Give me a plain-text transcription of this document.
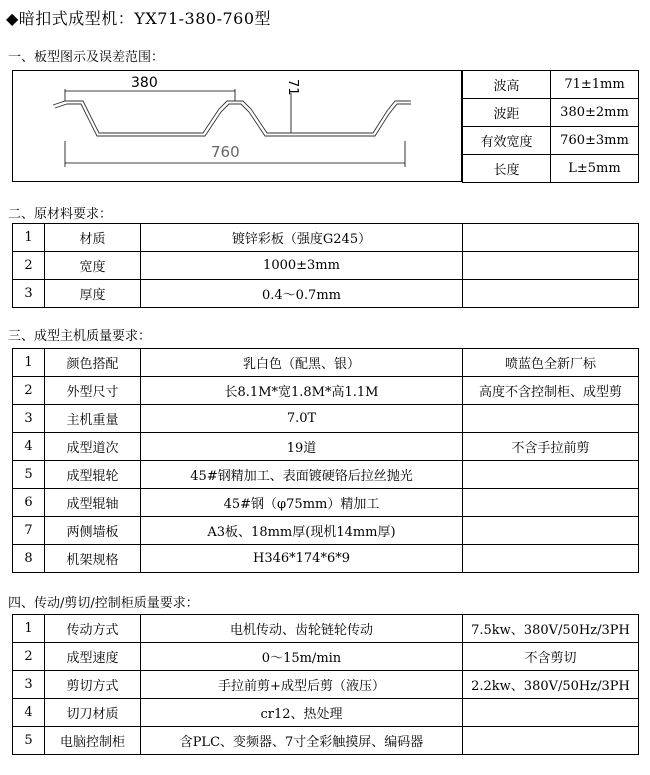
◆暗扣式成型机：YX71-380-760型
一、板型图示及误差范围：
380	71
760
波高	71±1mm
波距	380±2mm
有效宽度	760±3mm
长度	L±5mm
二、原材料要求：
1	材质	镀锌彩板（强度G245）	
2	宽度	1000±3mm	
3	厚度	0.4～0.7mm	
三、成型主机质量要求：
1	颜色搭配	乳白色（配黑、银）	喷蓝色全新厂标
2	外型尺寸	长8.1M*宽1.8M*高1.1M	高度不含控制柜、成型剪
3	主机重量	7.0T	
4	成型道次	19道	不含手拉前剪
5	成型辊轮	45#钢精加工、表面镀硬铬后拉丝抛光	
6	成型辊轴	45#钢（φ75mm）精加工	
7	两侧墙板	A3板、18mm厚(现机14mm厚)	
8	机架规格	H346*174*6*9	
四、传动/剪切/控制柜质量要求：
1	传动方式	电机传动、齿轮链轮传动	7.5kw、380V/50Hz/3PH
2	成型速度	0～15m/min	不含剪切
3	剪切方式	手拉前剪+成型后剪（液压）	2.2kw、380V/50Hz/3PH
4	切刀材质	cr12、热处理	
5	电脑控制柜	含PLC、变频器、7寸全彩触摸屏、编码器	
